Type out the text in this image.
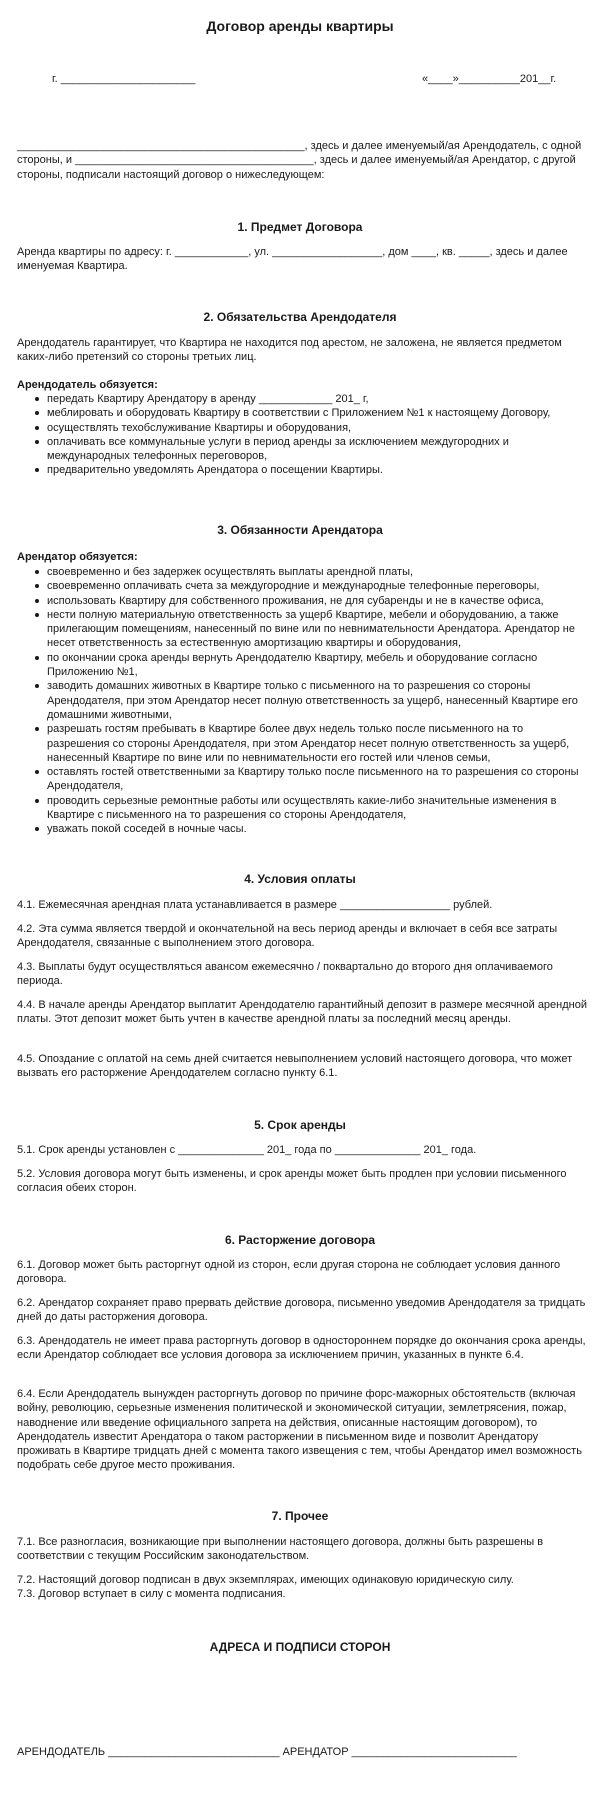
Договор аренды квартиры
г. ______________________	«____»__________201__г.
_______________________________________________, здесь и далее именуемый/ая Арендодатель, с одной стороны, и _______________________________________, здесь и далее именуемый/ая Арендатор, с другой стороны, подписали настоящий договор о нижеследующем:
1. Предмет Договора
Аренда квартиры по адресу: г. ____________, ул. __________________, дом ____, кв. _____, здесь и далее именуемая Квартира.
2. Обязательства Арендодателя
Арендодатель гарантирует, что Квартира не находится под арестом, не заложена, не является предметом каких-либо претензий со стороны третьих лиц.
Арендодатель обязуется:
передать Квартиру Арендатору в аренду ____________ 201_ г,
меблировать и оборудовать Квартиру в соответствии с Приложением №1 к настоящему Договору,
осуществлять техобслуживание Квартиры и оборудования,
оплачивать все коммунальные услуги в период аренды за исключением междугородних и международных телефонных переговоров,
предварительно уведомлять Арендатора о посещении Квартиры.
3. Обязанности Арендатора
Арендатор обязуется:
своевременно и без задержек осуществлять выплаты арендной платы,
своевременно оплачивать счета за междугородние и международные телефонные переговоры,
использовать Квартиру для собственного проживания, не для субаренды и не в качестве офиса,
нести полную материальную ответственность за ущерб Квартире, мебели и оборудованию, а также прилегающим помещениям, нанесенный по вине или по невнимательности Арендатора. Арендатор не несет ответственность за естественную амортизацию квартиры и оборудования,
по окончании срока аренды вернуть Арендодателю Квартиру, мебель и оборудование согласно Приложению №1,
заводить домашних животных в Квартире только с письменного на то разрешения со стороны Арендодателя, при этом Арендатор несет полную ответственность за ущерб, нанесенный Квартире его домашними животными,
разрешать гостям пребывать в Квартире более двух недель только после письменного на то разрешения со стороны Арендодателя, при этом Арендатор несет полную ответственность за ущерб, нанесенный Квартире по вине или по невнимательности его гостей или членов семьи,
оставлять гостей ответственными за Квартиру только после письменного на то разрешения со стороны Арендодателя,
проводить серьезные ремонтные работы или осуществлять какие-либо значительные изменения в Квартире с письменного на то разрешения со стороны Арендодателя,
уважать покой соседей в ночные часы.
4. Условия оплаты
4.1. Ежемесячная арендная плата устанавливается в размере __________________ рублей.
4.2. Эта сумма является твердой и окончательной на весь период аренды и включает в себя все затраты Арендодателя, связанные с выполнением этого договора.
4.3. Выплаты будут осуществляться авансом ежемесячно / поквартально до второго дня оплачиваемого периода.
4.4. В начале аренды Арендатор выплатит Арендодателю гарантийный депозит в размере месячной арендной платы. Этот депозит может быть учтен в качестве арендной платы за последний месяц аренды.
4.5. Опоздание с оплатой на семь дней считается невыполнением условий настоящего договора, что может вызвать его расторжение Арендодателем согласно пункту 6.1.
5. Срок аренды
5.1. Срок аренды установлен с ______________ 201_ года по ______________ 201_ года.
5.2. Условия договора могут быть изменены, и срок аренды может быть продлен при условии письменного согласия обеих сторон.
6. Расторжение договора
6.1. Договор может быть расторгнут одной из сторон, если другая сторона не соблюдает условия данного договора.
6.2. Арендатор сохраняет право прервать действие договора, письменно уведомив Арендодателя за тридцать дней до даты расторжения договора.
6.3. Арендодатель не имеет права расторгнуть договор в одностороннем порядке до окончания срока аренды, если Арендатор соблюдает все условия договора за исключением причин, указанных в пункте 6.4.
6.4. Если Арендодатель вынужден расторгнуть договор по причине форс-мажорных обстоятельств (включая войну, революцию, серьезные изменения политической и экономической ситуации, землетрясения, пожар, наводнение или введение официального запрета на действия, описанные настоящим договором), то Арендодатель известит Арендатора о таком расторжении в письменном виде и позволит Арендатору проживать в Квартире тридцать дней с момента такого извещения с тем, чтобы Арендатор имел возможность подобрать себе другое место проживания.
7. Прочее
7.1. Все разногласия, возникающие при выполнении настоящего договора, должны быть разрешены в соответствии с текущим Российским законодательством.
7.2. Настоящий договор подписан в двух экземплярах, имеющих одинаковую юридическую силу.
7.3. Договор вступает в силу с момента подписания.
АДРЕСА И ПОДПИСИ СТОРОН
АРЕНДОДАТЕЛЬ ____________________________ АРЕНДАТОР ___________________________
